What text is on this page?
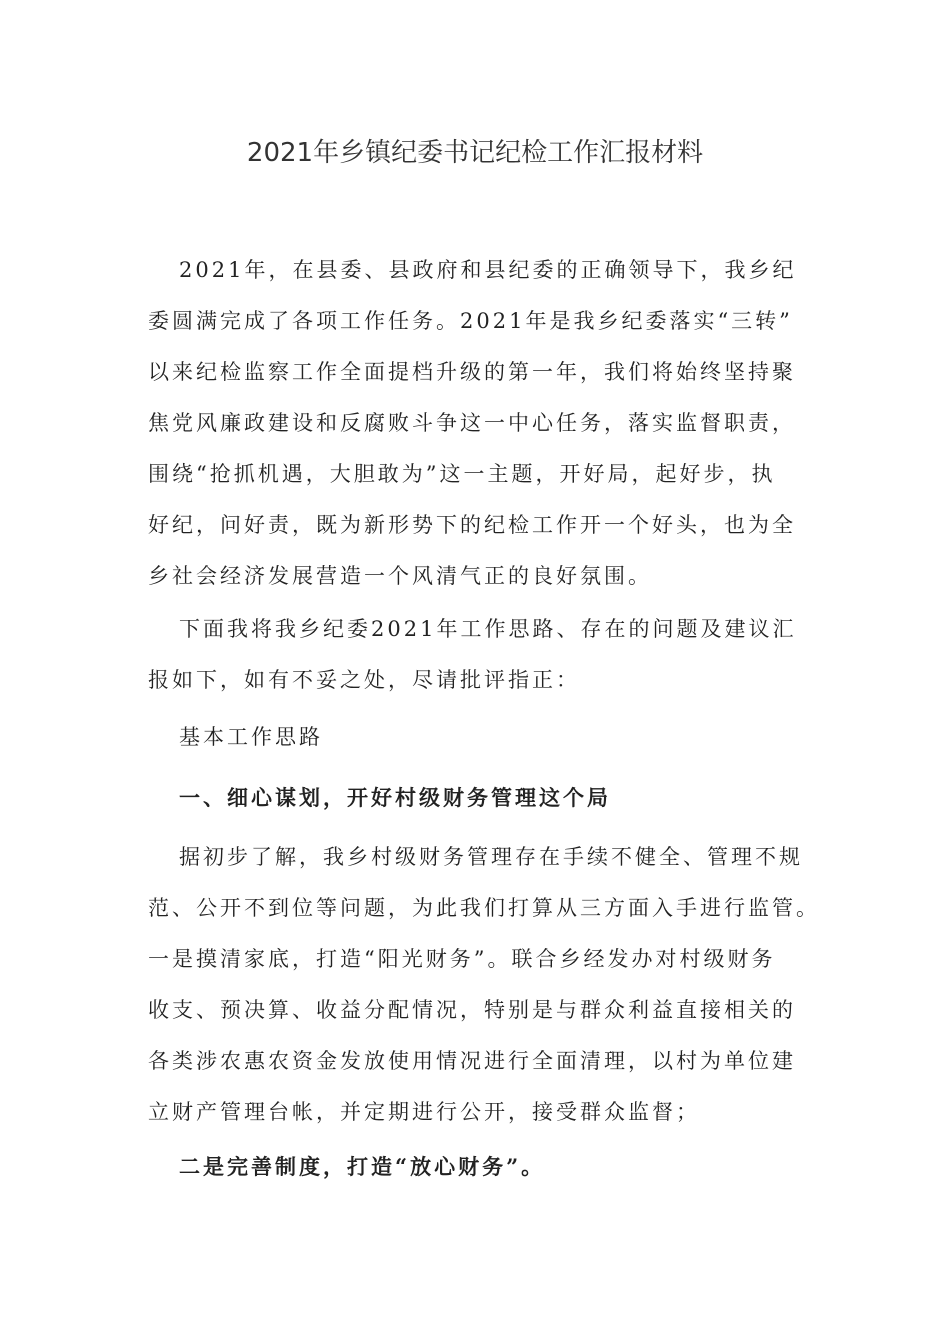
2021年乡镇纪委书记纪检工作汇报材料
2021年，在县委、县政府和县纪委的正确领导下，我乡纪
委圆满完成了各项工作任务。2021年是我乡纪委落实“三转”
以来纪检监察工作全面提档升级的第一年，我们将始终坚持聚
焦党风廉政建设和反腐败斗争这一中心任务，落实监督职责，
围绕“抢抓机遇，大胆敢为”这一主题，开好局，起好步，执
好纪，问好责，既为新形势下的纪检工作开一个好头，也为全
乡社会经济发展营造一个风清气正的良好氛围。
下面我将我乡纪委2021年工作思路、存在的问题及建议汇
报如下，如有不妥之处，尽请批评指正：
基本工作思路
一、细心谋划，开好村级财务管理这个局
据初步了解，我乡村级财务管理存在手续不健全、管理不规
范、公开不到位等问题，为此我们打算从三方面入手进行监管。
一是摸清家底，打造“阳光财务”。联合乡经发办对村级财务
收支、预决算、收益分配情况，特别是与群众利益直接相关的
各类涉农惠农资金发放使用情况进行全面清理，以村为单位建
立财产管理台帐，并定期进行公开，接受群众监督；
二是完善制度，打造“放心财务”。
